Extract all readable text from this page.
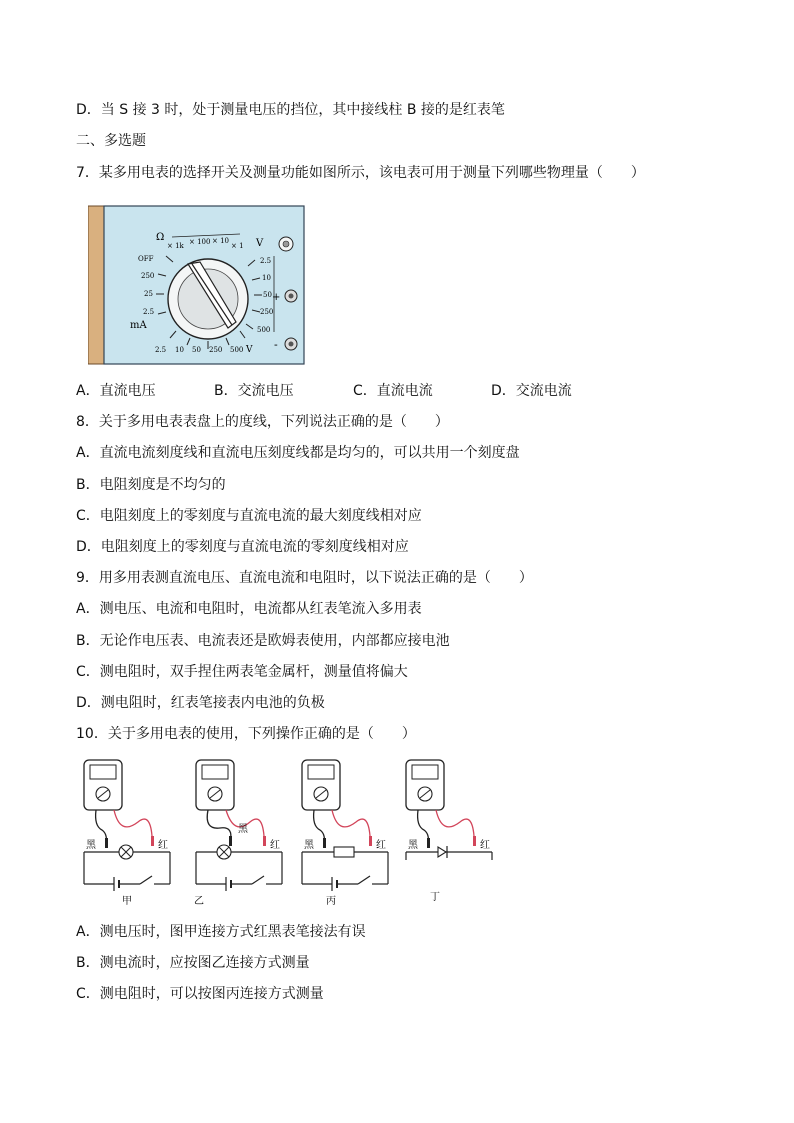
D．当 S 接 3 时，处于测量电压的挡位，其中接线柱 B 接的是红表笔
二、多选题
7．某多用电表的选择开关及测量功能如图所示，该电表可用于测量下列哪些物理量（　　）
Ω
× 1k × 100 × 10
× 1
OFF
250
25
2.5
mA
V
2.5
10
50
250
500
2.5 10 50 250 500 V
+
-
A．直流电压	B．交流电压	C．直流电流	D．交流电流
8．关于多用电表表盘上的度线，下列说法正确的是（　　）
A．直流电流刻度线和直流电压刻度线都是均匀的，可以共用一个刻度盘
B．电阻刻度是不均匀的
C．电阻刻度上的零刻度与直流电流的最大刻度线相对应
D．电阻刻度上的零刻度与直流电流的零刻度线相对应
9．用多用表测直流电压、直流电流和电阻时，以下说法正确的是（　　）
A．测电压、电流和电阻时，电流都从红表笔流入多用表
B．无论作电压表、电流表还是欧姆表使用，内部都应接电池
C．测电阻时，双手捏住两表笔金属杆，测量值将偏大
D．测电阻时，红表笔接表内电池的负极
10．关于多用电表的使用，下列操作正确的是（　　）
黑	红
甲
黑
红
乙
黑	红
丙
黑	红
丁
A．测电压时，图甲连接方式红黑表笔接法有误
B．测电流时，应按图乙连接方式测量
C．测电阻时，可以按图丙连接方式测量
